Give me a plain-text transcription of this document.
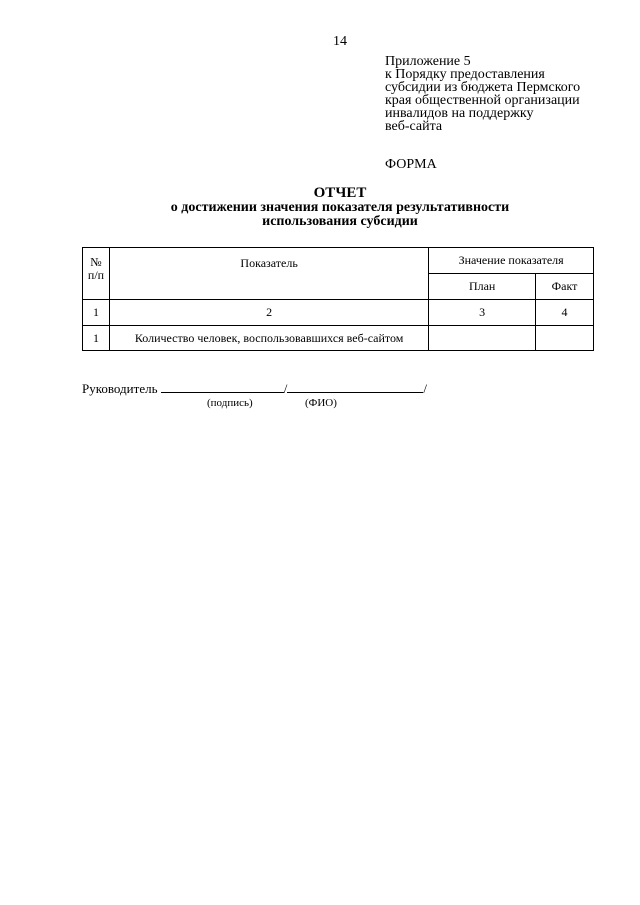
14
Приложение 5
к Порядку предоставления
субсидии из бюджета Пермского
края общественной организации
инвалидов на поддержку
веб-сайта
ФОРМА
ОТЧЕТ
о достижении значения показателя результативности
использования субсидии
№ п/п	Показатель	Значение показателя	
		План	Факт
1	2	3	4
1	Количество человек, воспользовавшихся веб-сайтом		
Руководитель	/	/
(подпись)	(ФИО)
